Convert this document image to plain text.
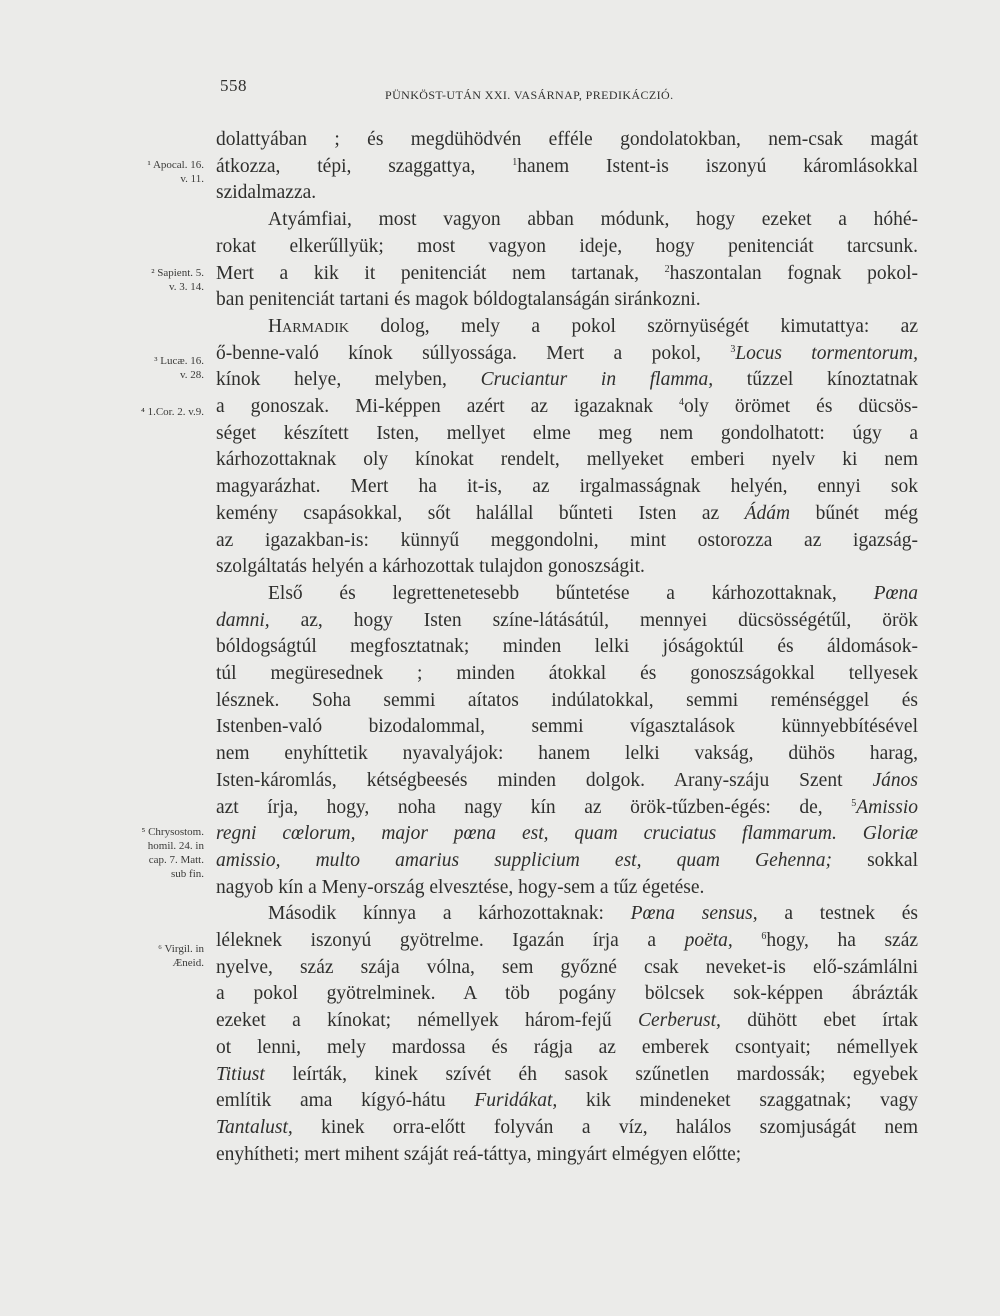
558	PÜNKÖST-UTÁN XXI. VASÁRNAP, PREDIKÁCZIÓ.
¹ Apocal. 16.
v. 11.
² Sapient. 5.
v. 3. 14.
³ Lucæ. 16.
v. 28.
⁴ 1.Cor. 2. v.9.
⁵ Chrysostom.
homil. 24. in
cap. 7. Matt.
sub fin.
⁶ Virgil. in
Æneid.
dolattyában ; és megdühödvén efféle gondolatokban, nem-csak magát
átkozza, tépi, szaggattya, $^1$hanem Istent-is iszonyú káromlásokkal
szidalmazza.
Atyámfiai, most vagyon abban módunk, hogy ezeket a hóhé-
rokat elkerűllyük; most vagyon ideje, hogy penitenciát tarcsunk.
Mert a kik it penitenciát nem tartanak, $^2$haszontalan fognak pokol-
ban penitenciát tartani és magok bóldogtalanságán siránkozni.
Harmadik dolog, mely a pokol szörnyüségét kimutattya: az
ő-benne-való kínok súllyossága. Mert a pokol, $^3$Locus tormentorum,
kínok helye, melyben, Cruciantur in flamma, tűzzel kínoztatnak
a gonoszak. Mi-képpen azért az igazaknak $^4$oly örömet és dücsös-
séget készített Isten, mellyet elme meg nem gondolhatott: úgy a
kárhozottaknak oly kínokat rendelt, mellyeket emberi nyelv ki nem
magyarázhat. Mert ha it-is, az irgalmasságnak helyén, ennyi sok
kemény csapásokkal, sőt halállal bűnteti Isten az Ádám bűnét még
az igazakban-is: künnyű meggondolni, mint ostorozza az igazság-
szolgáltatás helyén a kárhozottak tulajdon gonoszságit.
Első és legrettenetesebb bűntetése a kárhozottaknak, Pœna
damni, az, hogy Isten színe-látásátúl, mennyei dücsösségétűl, örök
bóldogságtúl megfosztatnak; minden lelki jóságoktúl és áldomások-
túl megüresednek ; minden átokkal és gonoszságokkal tellyesek
lésznek. Soha semmi aítatos indúlatokkal, semmi reménséggel és
Istenben-való bizodalommal, semmi vígasztalások künnyebbítésével
nem enyhíttetik nyavalyájok: hanem lelki vakság, dühös harag,
Isten-káromlás, kétségbeesés minden dolgok. Arany-száju Szent János
azt írja, hogy, noha nagy kín az örök-tűzben-égés: de, $^5$Amissio
regni cœlorum, major pœna est, quam cruciatus flammarum. Gloriæ
amissio, multo amarius supplicium est, quam Gehenna; sokkal
nagyob kín a Meny-ország elvesztése, hogy-sem a tűz égetése.
Második kínnya a kárhozottaknak: Pœna sensus, a testnek és
léleknek iszonyú gyötrelme. Igazán írja a poëta,	$^6$hogy, ha száz
nyelve, száz szája vólna, sem győzné csak neveket-is elő-számlálni
a pokol gyötrelminek. A töb pogány bölcsek sok-képpen ábrázták
ezeket a kínokat; némellyek három-fejű Cerberust, dühött ebet írtak
ot lenni, mely mardossa és rágja az emberek csontyait; némellyek
Titiust leírták, kinek szívét éh sasok szűnetlen mardossák; egyebek
említik ama kígyó-hátu Furidákat, kik mindeneket szaggatnak; vagy
Tantalust, kinek orra-előtt folyván a víz, halálos szomjuságát nem
enyhítheti; mert mihent száját reá-táttya, mingyárt elmégyen előtte;
